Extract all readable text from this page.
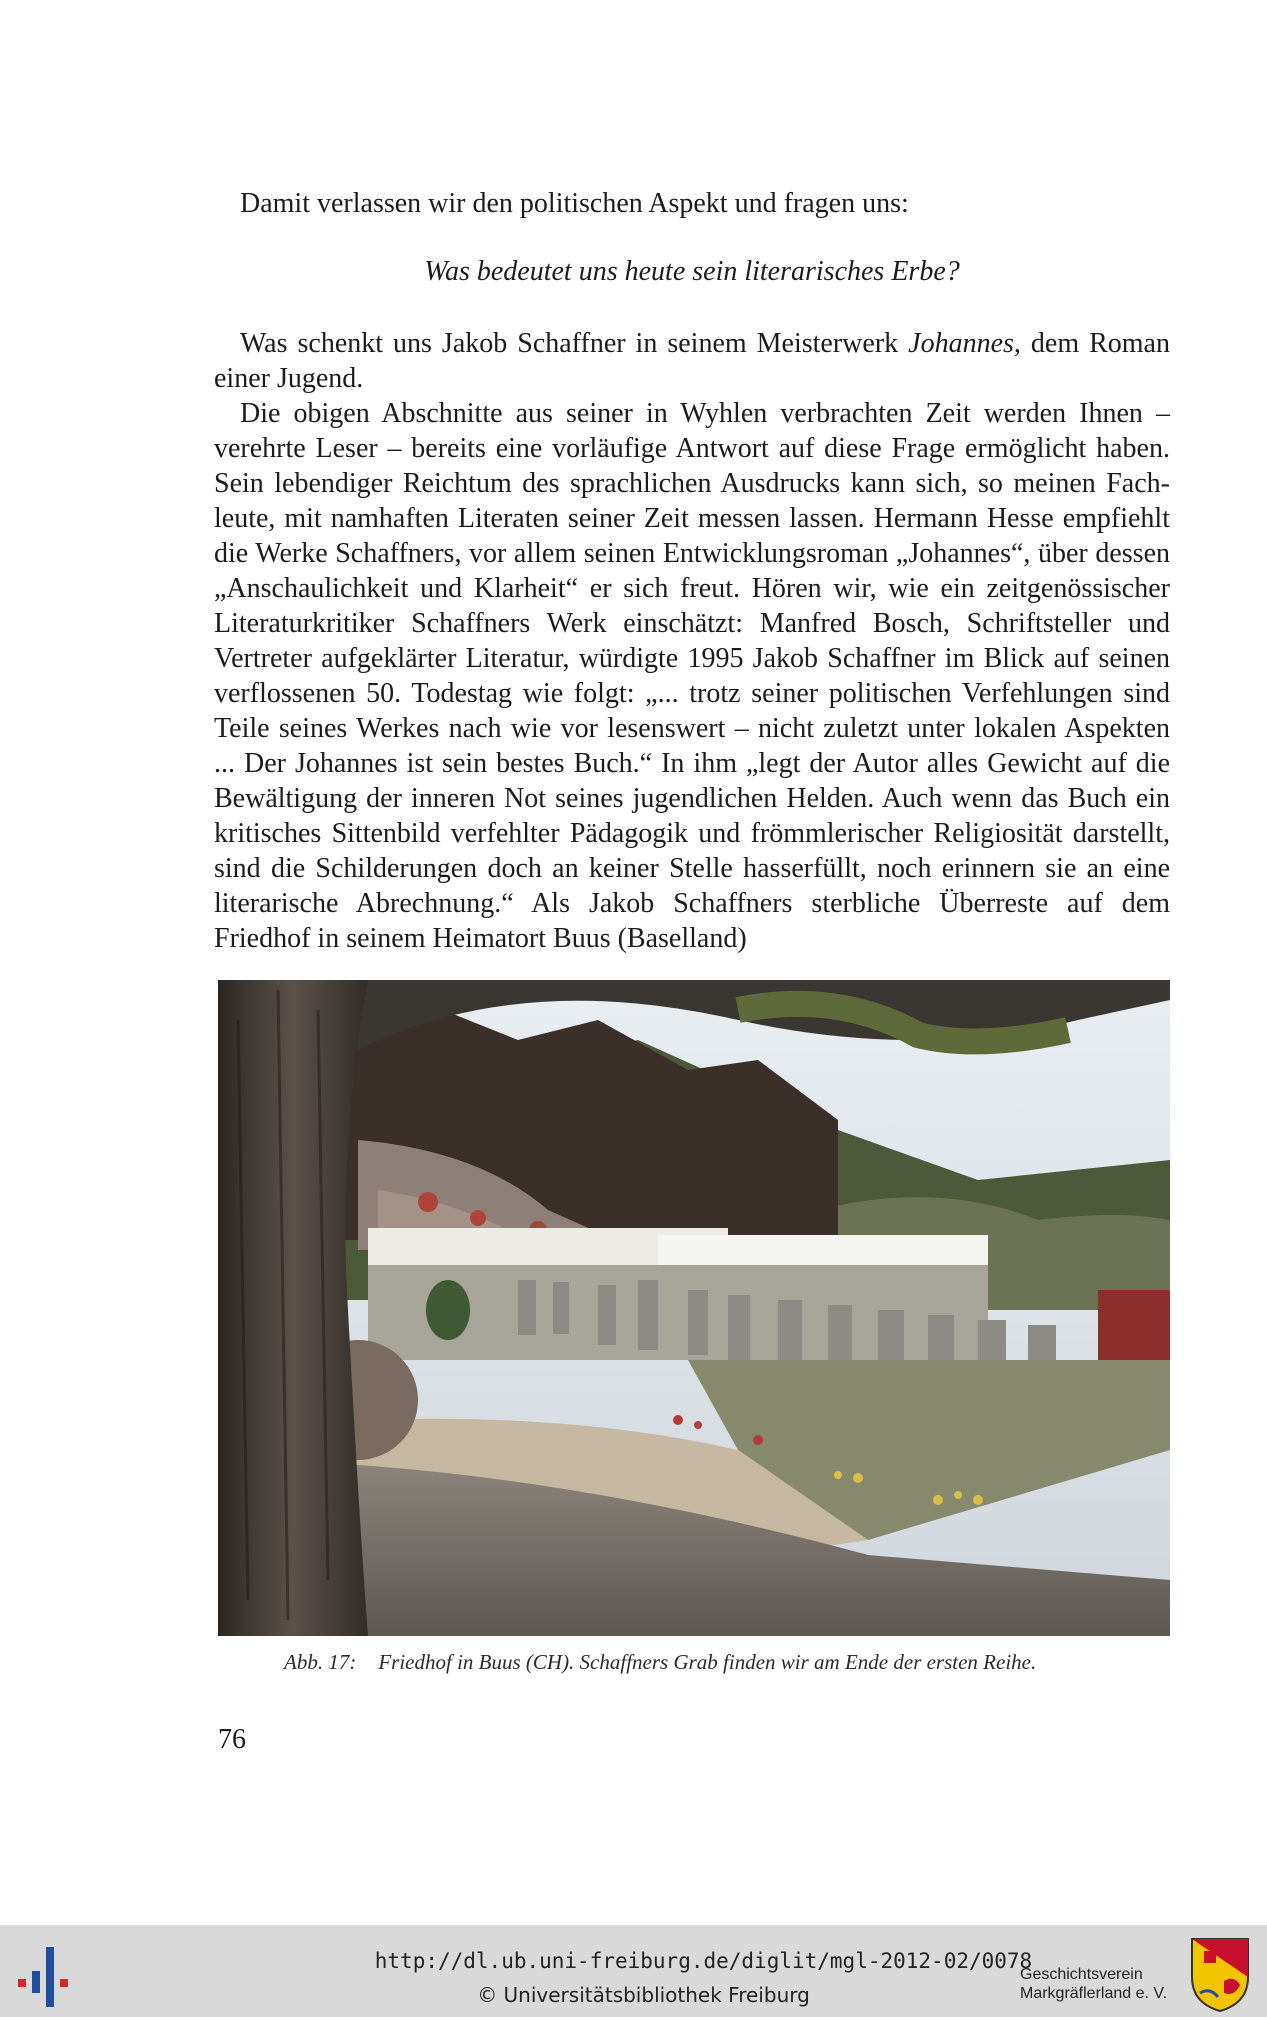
Damit verlassen wir den politischen Aspekt und fragen uns:

Was bedeutet uns heute sein literarisches Erbe?

Was schenkt uns Jakob Schaffner in seinem Meisterwerk Johannes, dem Roman einer Jugend.

Die obigen Abschnitte aus seiner in Wyhlen verbrachten Zeit werden Ihnen – verehrte Leser – bereits eine vorläufige Antwort auf diese Frage ermöglicht haben. Sein lebendiger Reichtum des sprachlichen Ausdrucks kann sich, so meinen Fachleute, mit namhaften Literaten seiner Zeit messen lassen. Hermann Hesse empfiehlt die Werke Schaffners, vor allem seinen Entwicklungsroman „Johannes“, über dessen „Anschaulichkeit und Klarheit“ er sich freut. Hören wir, wie ein zeitgenössischer Literaturkritiker Schaffners Werk einschätzt: Manfred Bosch, Schriftsteller und Vertreter aufgeklärter Literatur, würdigte 1995 Jakob Schaffner im Blick auf seinen verflossenen 50. Todestag wie folgt: „... trotz seiner politischen Verfehlungen sind Teile seines Werkes nach wie vor lesenswert – nicht zuletzt unter lokalen Aspekten ... Der Johannes ist sein bestes Buch.“ In ihm „legt der Autor alles Gewicht auf die Bewältigung der inneren Not seines jugendlichen Helden. Auch wenn das Buch ein kritisches Sittenbild verfehlter Pädagogik und frömmlerischer Religiosität darstellt, sind die Schilderungen doch an keiner Stelle hasserfüllt, noch erinnern sie an eine literarische Abrechnung.“ Als Jakob Schaffners sterbliche Überreste auf dem Friedhof in seinem Heimatort Buus (Baselland)

Abb. 17: Friedhof in Buus (CH). Schaffners Grab finden wir am Ende der ersten Reihe.

76
http://dl.ub.uni-freiburg.de/diglit/mgl-2012-02/0078
© Universitätsbibliothek Freiburg
Geschichtsverein
Markgräflerland e. V.
